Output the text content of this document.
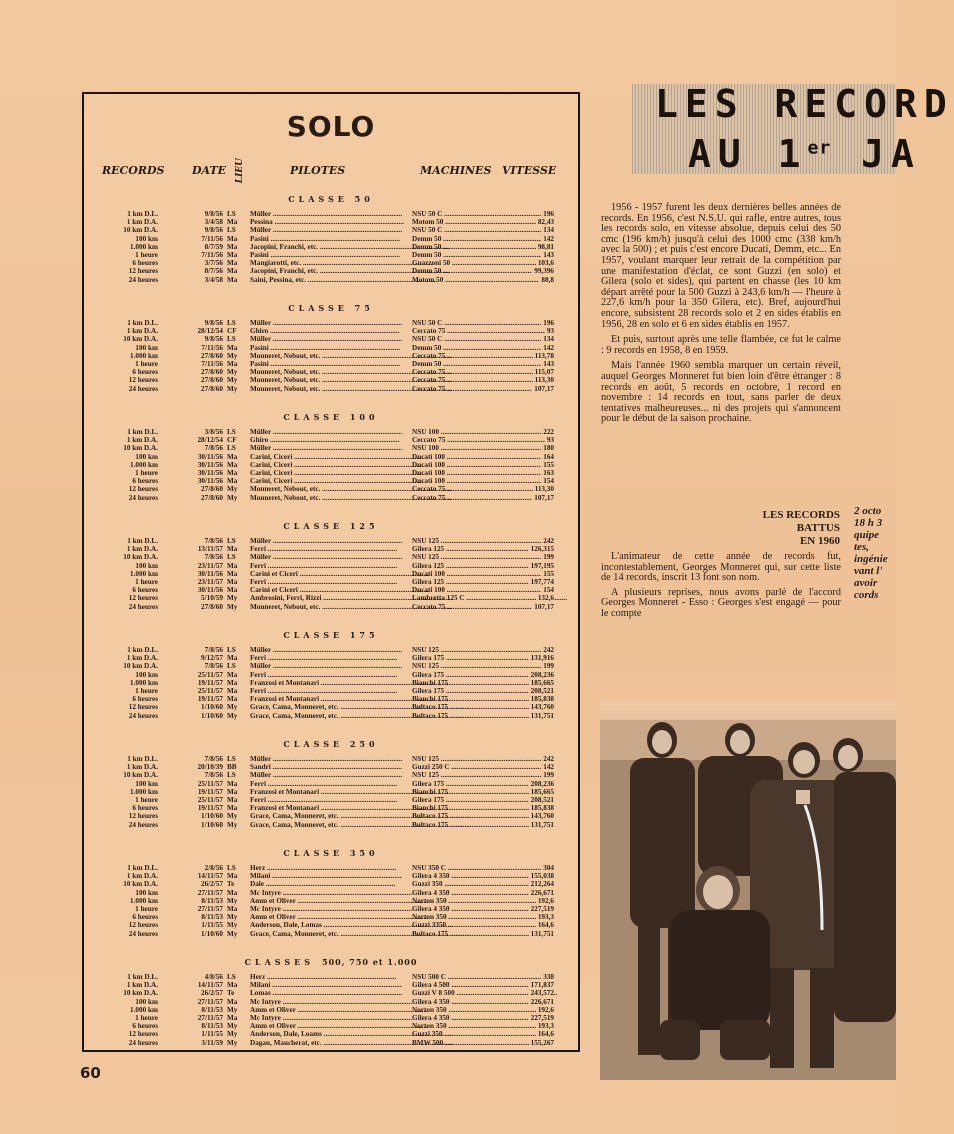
SOLO
RECORDS	DATE LIEU	PILOTES	MACHINES VITESSE
CLASSE 50
1 km D.L.	9/8/56 LS Müller .....	NSU 50 C .....	196
1 km D.A.	3/4/58 Ma Pessina .....	Motom 50 .....	82,43
10 km D.A.	9/8/56 LS Müller .....	NSU 50 C .....	134
100 km	7/11/56 Ma Pasini .....	Demm 50 .....	142
1.000 km	8/7/59 Ma Jacopini, Franchi, etc. .....	Demm 50 .....	98,81
1 heure	7/11/56 Ma Pasini .....	Demm 50 .....	143
6 heures	3/7/56 Ma Mangiarotti, etc. .....	Guazzoni 50 .....	103,6
12 heures	8/7/56 Ma Jacopini, Franchi, etc. .....	Demm 50 .....	99,396
24 heures	3/4/58 Ma Saini, Pessina, etc. .....	Motom 50 .....	88,8
CLASSE 75
1 km D.L.	9/8/56 LS Müller .....	NSU 50 C .....	196
1 km D.A.	28/12/54 CF Ghiro .....	Ceccato 75 .....	93
10 km D.A.	9/8/56 LS Müller .....	NSU 50 C .....	134
100 km	7/11/56 Ma Pasini .....	Demm 50 .....	142
1.000 km	27/8/60 My Monneret, Nebout, etc. .....	Ceccato 75 .....	113,78
1 heure	7/11/56 Ma Pasini .....	Demm 50 .....	143
6 heures	27/8/60 My Monneret, Nebout, etc. .....	Ceccato 75 .....	115,07
12 heures	27/8/60 My Monneret, Nebout, etc. .....	Ceccato 75 .....	113,30
24 heures	27/8/60 My Monneret, Nebout, etc. .....	Ceccato 75 .....	107,17
CLASSE 100
1 km D.L.	3/8/56 LS Müller .....	NSU 100 .....	222
1 km D.A.	28/12/54 CF Ghiro .....	Ceccato 75 .....	93
10 km D.A.	7/8/56 LS Müller .....	NSU 100 .....	180
100 km	30/11/56 Ma Carini, Ciceri .....	Ducati 100 .....	164
1.000 km	30/11/56 Ma Carini, Ciceri .....	Ducati 100 .....	155
1 heure	30/11/56 Ma Carini, Ciceri .....	Ducati 100 .....	163
6 heures	30/11/56 Ma Carini, Ciceri .....	Ducati 100 .....	154
12 heures	27/8/60 My Monneret, Nebout, etc. .....	Ceccato 75 .....	113,30
24 heures	27/8/60 My Monneret, Nebout, etc. .....	Ceccato 75 .....	107,17
CLASSE 125
1 km D.L.	7/8/56 LS Müller .....	NSU 125 .....	242
1 km D.A.	13/11/57 Ma Ferri .....	Gilera 125 .....	126,315
10 km D.A.	7/8/56 LS Müller .....	NSU 125 .....	199
100 km	23/11/57 Ma Ferri .....	Gilera 125 .....	197,195
1.000 km	30/11/56 Ma Carini et Ciceri .....	Ducati 100 .....	155
1 heure	23/11/57 Ma Ferri .....	Gilera 125 .....	197,774
6 heures	30/11/56 Ma Carini et Ciceri .....	Ducati 100 .....	154
12 heures	5/10/59 My Ambrosini, Ferri, Rizzi .....	Lambretta 125 C .....	132,6
24 heures	27/8/60 My Monneret, Nebout, etc. .....	Ceccato 75 .....	107,17
CLASSE 175
1 km D.L.	7/8/56 LS Müller .....	NSU 125 .....	242
1 km D.A.	9/12/57 Ma Ferri .....	Gilera 175 .....	131,916
10 km D.A.	7/8/56 LS Müller .....	NSU 125 .....	199
100 km	25/11/57 Ma Ferri .....	Gilera 175 .....	208,236
1.000 km	19/11/57 Ma Franzosi et Montanari .....	Bianchi 175 .....	185,665
1 heure	25/11/57 Ma Ferri .....	Gilera 175 .....	208,521
6 heures	19/11/57 Ma Franzosi et Montanari .....	Bianchi 175 .....	185,838
12 heures	1/10/60 My Grace, Cama, Monneret, etc. .....	Bultaco 175 .....	143,760
24 heures	1/10/60 My Grace, Cama, Monneret, etc. .....	Bultaco 175 .....	131,751
CLASSE 250
1 km D.L.	7/8/56 LS Müller .....	NSU 125 .....	242
1 km D.A.	20/10/39 BB Sandri .....	Guzzi 250 C .....	142
10 km D.A.	7/8/56 LS Müller .....	NSU 125 .....	199
100 km	25/11/57 Ma Ferri .....	Gilera 175 .....	208,236
1.000 km	19/11/57 Ma Franzosi et Montanari .....	Bianchi 175 .....	185,665
1 heure	25/11/57 Ma Ferri .....	Gilera 175 .....	208,521
6 heures	19/11/57 Ma Franzosi et Montanari .....	Bianchi 175 .....	185,838
12 heures	1/10/60 My Grace, Cama, Monneret, etc. .....	Bultaco 175 .....	143,760
24 heures	1/10/60 My Grace, Cama, Monneret, etc. .....	Bultaco 175 .....	131,751
CLASSE 350
1 km D.L.	2/8/56 LS Herz .....	NSU 350 C .....	304
1 km D.A.	14/11/57 Ma Milani .....	Gilera 4 350 .....	155,038
10 km D.A.	26/2/57 Te Dale .....	Guzzi 350 .....	212,264
100 km	27/11/57 Ma Mc Intyre .....	Gilera 4 350 .....	226,671
1.000 km	8/11/53 My Amm et Oliver .....	Norton 350 .....	192,6
1 heure	27/11/57 Ma Mc Intyre .....	Gilera 4 350 .....	227,519
6 heures	8/11/53 My Amm et Oliver .....	Norton 350 .....	193,3
12 heures	1/11/55 My Anderson, Dale, Lomas .....	Guzzi 3350 .....	164,6
24 heures	1/10/60 My Grace, Cama, Monneret, etc. .....	Bultaco 175 .....	131,751
CLASSES 500, 750 et 1.000
1 km D.L.	4/8/56 LS Herz .....	NSU 500 C .....	338
1 km D.A.	14/11/57 Ma Milani .....	Gilera 4 500 .....	171,837
10 km D.A.	26/2/57 Te Lomas .....	Guzzi V 8 500 .....	243,572
100 km	27/11/57 Ma Mc Intyre .....	Gilera 4 350 .....	226,671
1.000 km	8/11/53 My Amm et Oliver .....	Norton 350 .....	192,6
1 heure	27/11/57 Ma Mc Intyre .....	Gilera 4 350 .....	227,519
6 heures	8/11/53 My Amm et Oliver .....	Norton 350 .....	193,3
12 heures	1/11/55 My Anderson, Dale, Loams .....	Guzzi 350 .....	164,6
24 heures	3/11/59 My Dagan, Maucherat, etc. .....	BMW 500 .....	155,267
60
LES RECORD
AU 1er JA

1956 - 1957 furent les deux dernières belles années de records. En 1956, c'est N.S.U. qui rafle, entre autres, tous les records solo, en vitesse absolue, depuis celui des 50 cmc (196 km/h) jusqu'à celui des 1000 cmc (338 km/h avec la 500) ; et puis c'est encore Ducati, Demm, etc... En 1957, voulant marquer leur retrait de la compétition par une manifestation d'éclat, ce sont Guzzi (en solo) et Gilera (solo et sides), qui partent en chasse (les 10 km départ arrêté pour la 500 Guzzi à 243,6 km/h — l'heure à 227,6 km/h pour la 350 Gilera, etc). Bref, aujourd'hui encore, subsistent 28 records solo et 2 en sides établis en 1956, 28 en solo et 6 en sides établis en 1957.

Et puis, surtout après une telle flambée, ce fut le calme : 9 records en 1958, 8 en 1959.

Mais l'année 1960 sembla marquer un certain réveil, auquel Georges Monneret fut bien loin d'être étranger : 8 records en août, 5 records en octobre, 1 record en novembre : 14 records en tout, sans parler de deux tentatives malheureuses... ni des projets qui s'annoncent pour le début de la saison prochaine.

LES RECORDS
BATTUS
EN 1960

L'animateur de cette année de records fut, incontestablement, Georges Monneret qui, sur cette liste de 14 records, inscrit 13 font son nom.

A plusieurs reprises, nous avons parlé de l'accord Georges Monneret - Esso : Georges s'est engagé — pour le compte

2 octo
18 h 3
quipe
tes,
ingénie
vant l'
avoir
cords
